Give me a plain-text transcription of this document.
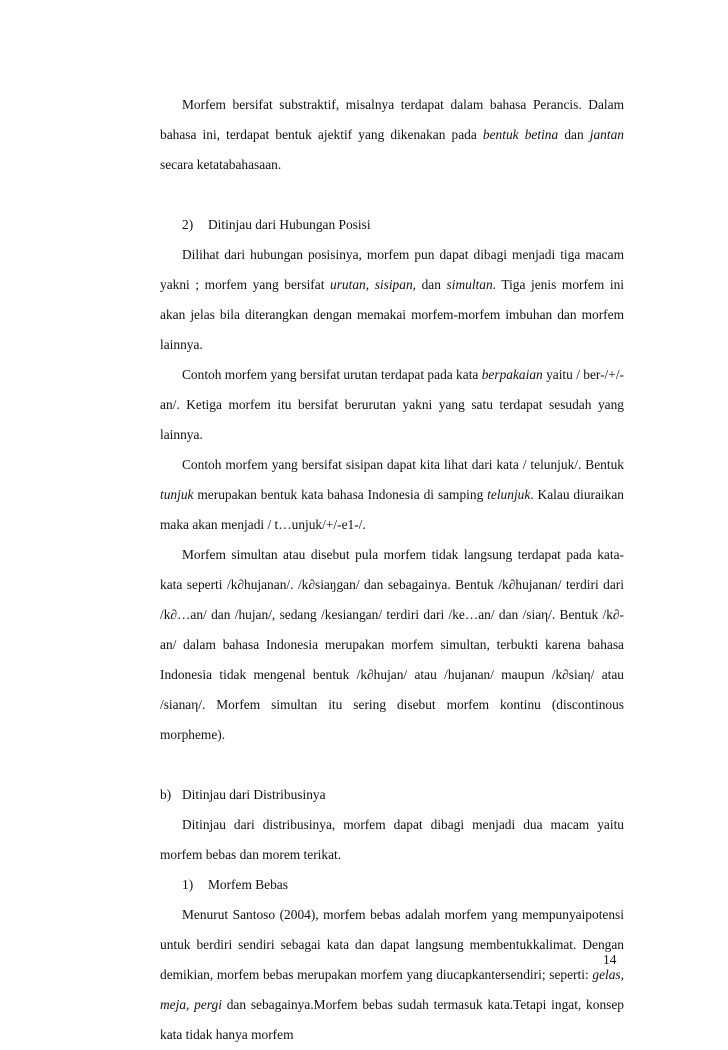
Morfem bersifat substraktif, misalnya terdapat dalam bahasa Perancis. Dalam bahasa ini, terdapat bentuk ajektif yang dikenakan pada bentuk betina dan jantan secara ketatabahasaan.

2) Ditinjau dari Hubungan Posisi

Dilihat dari hubungan posisinya, morfem pun dapat dibagi menjadi tiga macam yakni ; morfem yang bersifat urutan, sisipan, dan simultan. Tiga jenis morfem ini akan jelas bila diterangkan dengan memakai morfem-morfem imbuhan dan morfem lainnya.

Contoh morfem yang bersifat urutan terdapat pada kata berpakaian yaitu / ber-/+/-an/. Ketiga morfem itu bersifat berurutan yakni yang satu terdapat sesudah yang lainnya.

Contoh morfem yang bersifat sisipan dapat kita lihat dari kata / telunjuk/. Bentuk tunjuk merupakan bentuk kata bahasa Indonesia di samping telunjuk. Kalau diuraikan maka akan menjadi / t…unjuk/+/-e1-/.

Morfem simultan atau disebut pula morfem tidak langsung terdapat pada kata-kata seperti /k∂hujanan/. /k∂siaŋgan/ dan sebagainya. Bentuk /k∂hujanan/ terdiri dari /k∂…an/ dan /hujan/, sedang /kesiangan/ terdiri dari /ke…an/ dan /siaη/. Bentuk /k∂-an/ dalam bahasa Indonesia merupakan morfem simultan, terbukti karena bahasa Indonesia tidak mengenal bentuk /k∂hujan/ atau /hujanan/ maupun /k∂siaη/ atau /sianaη/. Morfem simultan itu sering disebut morfem kontinu (discontinous morpheme).

b) Ditinjau dari Distribusinya

Ditinjau dari distribusinya, morfem dapat dibagi menjadi dua macam yaitu morfem bebas dan morem terikat.

1) Morfem Bebas

Menurut Santoso (2004), morfem bebas adalah morfem yang mempunyaipotensi untuk berdiri sendiri sebagai kata dan dapat langsung membentukkalimat. Dengan demikian, morfem bebas merupakan morfem yang diucapkantersendiri; seperti: gelas, meja, pergi dan sebagainya.Morfem bebas sudah termasuk kata.Tetapi ingat, konsep kata tidak hanya morfem

14
